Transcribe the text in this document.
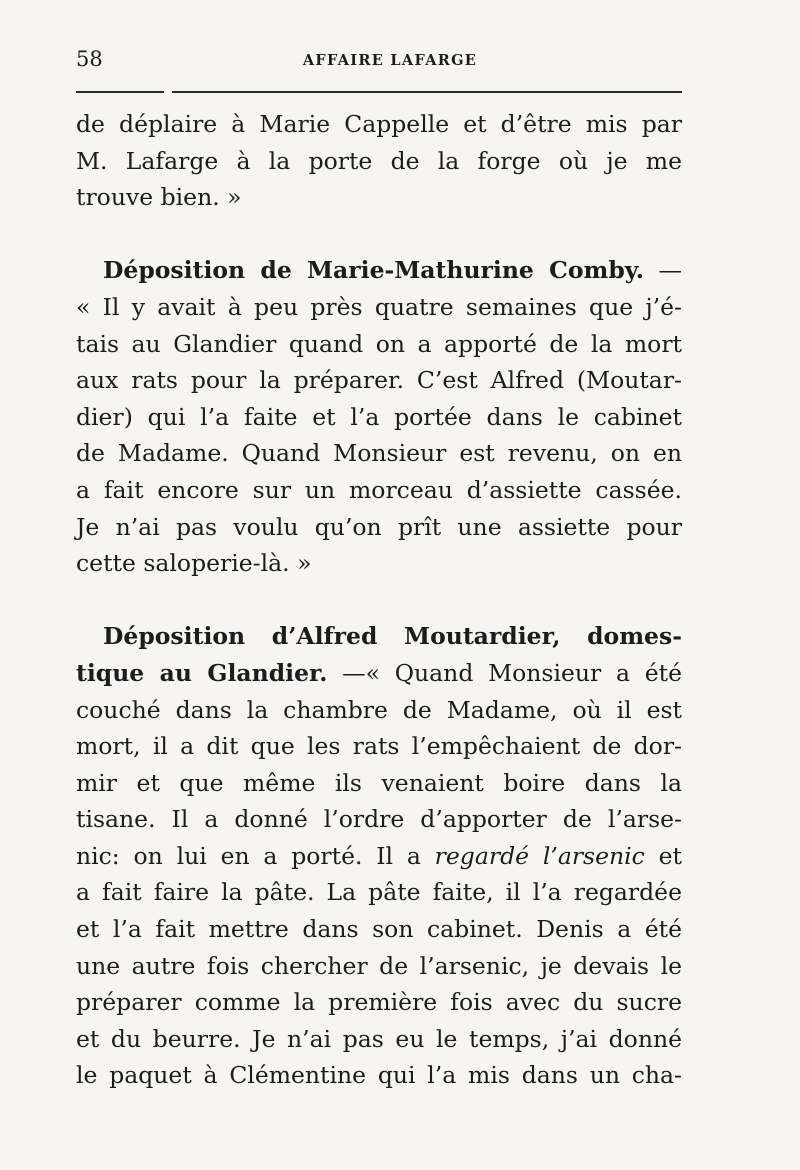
58	AFFAIRE LAFARGE
de déplaire à Marie Cappelle et d’être mis par
M. Lafarge à la porte de la forge où je me
trouve bien. »
Déposition de Marie-Mathurine Comby. —
« Il y avait à peu près quatre semaines que j’é-
tais au Glandier quand on a apporté de la mort
aux rats pour la préparer. C’est Alfred (Moutar-
dier) qui l’a faite et l’a portée dans le cabinet
de Madame. Quand Monsieur est revenu, on en
a fait encore sur un morceau d’assiette cassée.
Je n’ai pas voulu qu’on prît une assiette pour
cette saloperie-là. »
Déposition d’Alfred Moutardier, domes-
tique au Glandier. —« Quand Monsieur a été
couché dans la chambre de Madame, où il est
mort, il a dit que les rats l’empêchaient de dor-
mir et que même ils venaient boire dans la
tisane. Il a donné l’ordre d’apporter de l’arse-
nic: on lui en a porté. Il a regardé l’arsenic et
a fait faire la pâte. La pâte faite, il l’a regardée
et l’a fait mettre dans son cabinet. Denis a été
une autre fois chercher de l’arsenic, je devais le
préparer comme la première fois avec du sucre
et du beurre. Je n’ai pas eu le temps, j’ai donné
le paquet à Clémentine qui l’a mis dans un cha-
